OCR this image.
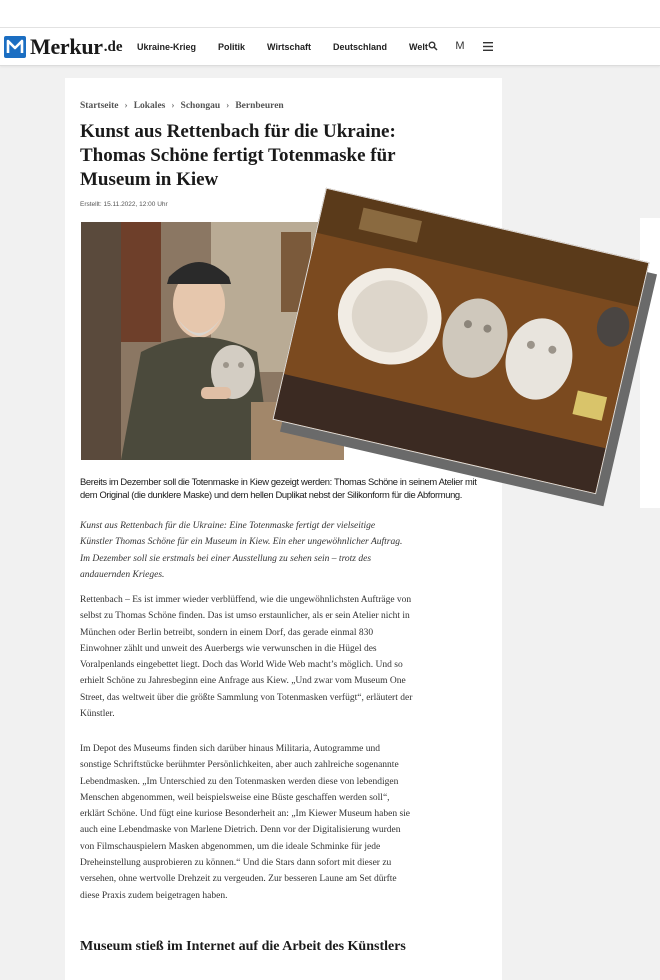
Merkur .de Ukraine-Krieg Politik Wirtschaft Deutschland Welt	M
Startseite › Lokales › Schongau › Bernbeuren
Kunst aus Rettenbach für die Ukraine: Thomas Schöne fertigt Totenmaske für Museum in Kiew
Erstellt: 15.11.2022, 12:00 Uhr
Bereits im Dezember soll die Totenmaske in Kiew gezeigt werden: Thomas Schöne in seinem Atelier mit dem Original (die dunklere Maske) und dem hellen Duplikat nebst der Silikonform für die Abformung.

Kunst aus Rettenbach für die Ukraine: Eine Totenmaske fertigt der vielseitige Künstler Thomas Schöne für ein Museum in Kiew. Ein eher ungewöhnlicher Auftrag. Im Dezember soll sie erstmals bei einer Ausstellung zu sehen sein – trotz des andauernden Krieges.

Rettenbach – Es ist immer wieder verblüffend, wie die ungewöhnlichsten Aufträge von selbst zu Thomas Schöne finden. Das ist umso erstaunlicher, als er sein Atelier nicht in München oder Berlin betreibt, sondern in einem Dorf, das gerade einmal 830 Einwohner zählt und unweit des Auerbergs wie verwunschen in die Hügel des Voralpenlands eingebettet liegt. Doch das World Wide Web macht’s möglich. Und so erhielt Schöne zu Jahresbeginn eine Anfrage aus Kiew. „Und zwar vom Museum One Street, das weltweit über die größte Sammlung von Totenmasken verfügt“, erläutert der Künstler.

Im Depot des Museums finden sich darüber hinaus Militaria, Autogramme und sonstige Schriftstücke berühmter Persönlichkeiten, aber auch zahlreiche sogenannte Lebendmasken. „Im Unterschied zu den Totenmasken werden diese von lebendigen Menschen abgenommen, weil beispielsweise eine Büste geschaffen werden soll“, erklärt Schöne. Und fügt eine kuriose Besonderheit an: „Im Kiewer Museum haben sie auch eine Lebendmaske von Marlene Dietrich. Denn vor der Digitalisierung wurden von Filmschauspielern Masken abgenommen, um die ideale Schminke für jede Dreheinstellung ausprobieren zu können.“ Und die Stars dann sofort mit dieser zu versehen, ohne wertvolle Drehzeit zu vergeuden. Zur besseren Laune am Set dürfte diese Praxis zudem beigetragen haben.

Museum stieß im Internet auf die Arbeit des Künstlers
